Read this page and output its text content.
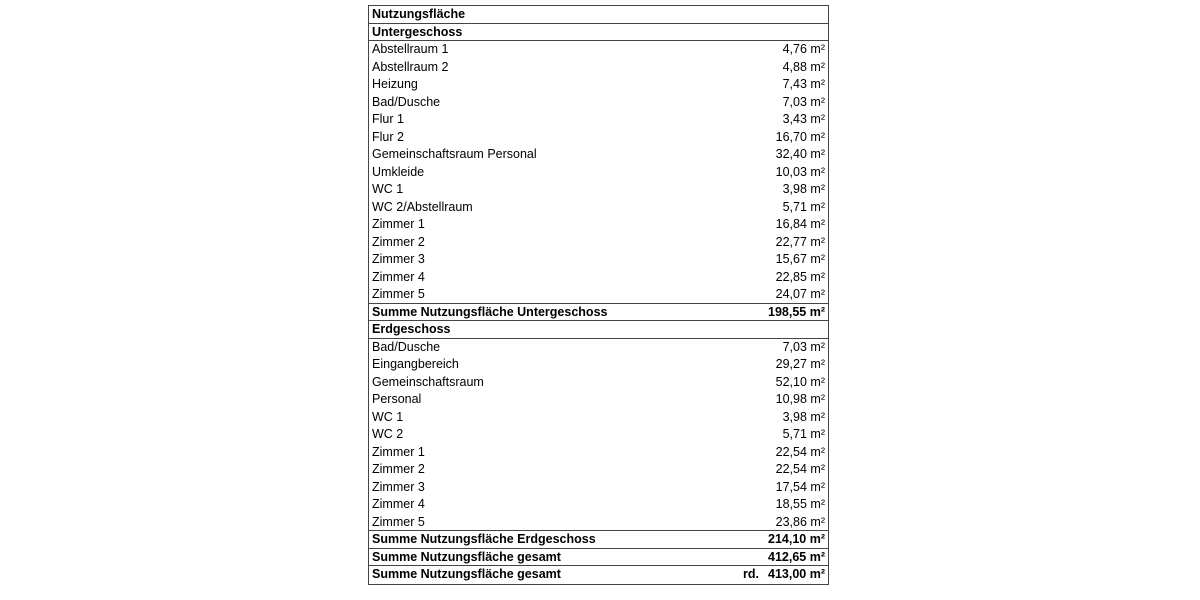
Nutzungsfläche
Untergeschoss
Abstellraum 1	4,76 m²
Abstellraum 2	4,88 m²
Heizung	7,43 m²
Bad/Dusche	7,03 m²
Flur 1	3,43 m²
Flur 2	16,70 m²
Gemeinschaftsraum Personal	32,40 m²
Umkleide	10,03 m²
WC 1	3,98 m²
WC 2/Abstellraum	5,71 m²
Zimmer 1	16,84 m²
Zimmer 2	22,77 m²
Zimmer 3	15,67 m²
Zimmer 4	22,85 m²
Zimmer 5	24,07 m²
Summe Nutzungsfläche Untergeschoss	198,55 m²
Erdgeschoss
Bad/Dusche	7,03 m²
Eingangbereich	29,27 m²
Gemeinschaftsraum	52,10 m²
Personal	10,98 m²
WC 1	3,98 m²
WC 2	5,71 m²
Zimmer 1	22,54 m²
Zimmer 2	22,54 m²
Zimmer 3	17,54 m²
Zimmer 4	18,55 m²
Zimmer 5	23,86 m²
Summe Nutzungsfläche Erdgeschoss	214,10 m²
Summe Nutzungsfläche gesamt	412,65 m²
Summe Nutzungsfläche gesamt	rd. 413,00 m²
